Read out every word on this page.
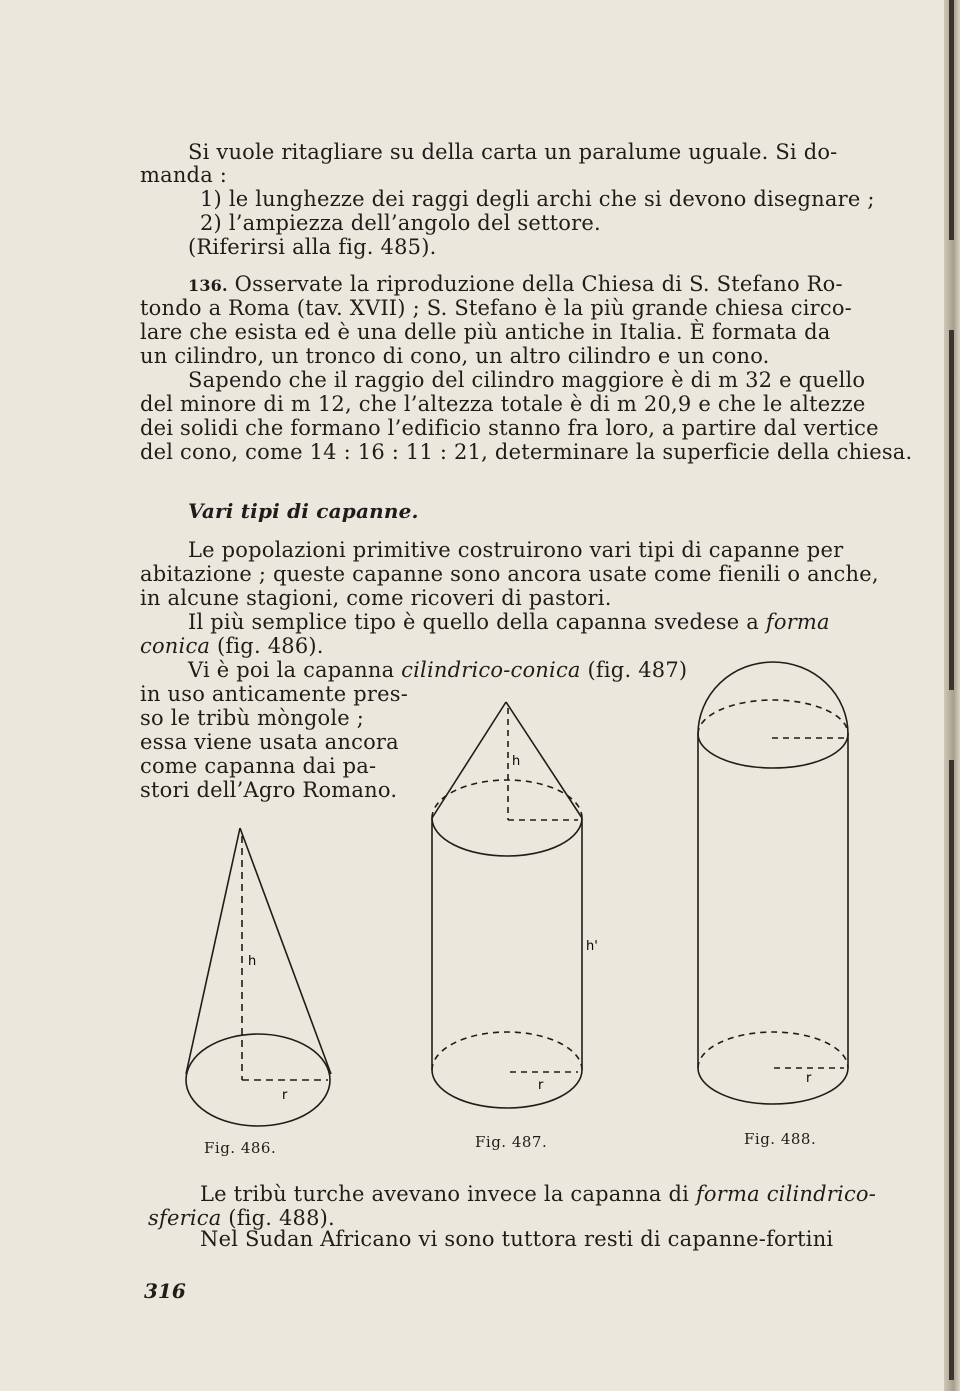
Si vuole ritagliare su della carta un paralume uguale. Si do-
manda :
1) le lunghezze dei raggi degli archi che si devono disegnare ;
2) l’ampiezza dell’angolo del settore.
(Riferirsi alla fig. 485).
136. Osservate la riproduzione della Chiesa di S. Stefano Ro-
tondo a Roma (tav. XVII) ; S. Stefano è la più grande chiesa circo-
lare che esista ed è una delle più antiche in Italia. È formata da
un cilindro, un tronco di cono, un altro cilindro e un cono.
Sapendo che il raggio del cilindro maggiore è di m 32 e quello
del minore di m 12, che l’altezza totale è di m 20,9 e che le altezze
dei solidi che formano l’edificio stanno fra loro, a partire dal vertice
del cono, come 14 : 16 : 11 : 21, determinare la superficie della chiesa.
Vari tipi di capanne.
Le popolazioni primitive costruirono vari tipi di capanne per
abitazione ; queste capanne sono ancora usate come fienili o anche,
in alcune stagioni, come ricoveri di pastori.
Il più semplice tipo è quello della capanna svedese a forma
conica (fig. 486).
Vi è poi la capanna cilindrico-conica (fig. 487)
in uso anticamente pres-
so le tribù mòngole ;
essa viene usata ancora
come capanna dai pa-
stori dell’Agro Romano.
h
r
h
h'
r	r
Fig. 486.	Fig. 487.	Fig. 488.
Le tribù turche avevano invece la capanna di forma cilindrico-
sferica (fig. 488).
Nel Sudan Africano vi sono tuttora resti di capanne-fortini
316
